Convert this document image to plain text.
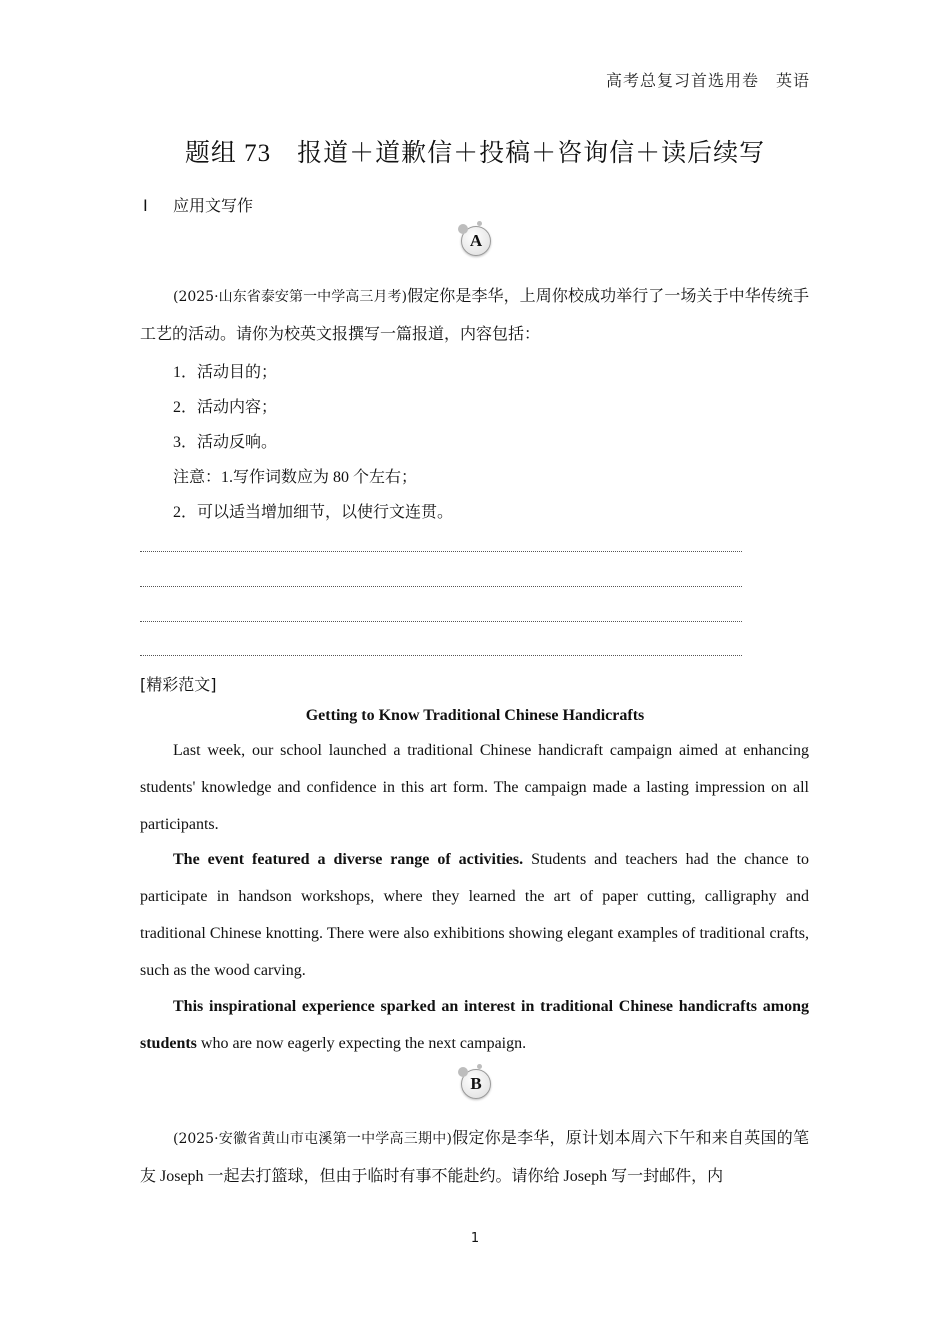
高考总复习首选用卷　英语
题组 73　报道＋道歉信＋投稿＋咨询信＋读后续写
Ⅰ 应用文写作
A
(2025·山东省泰安第一中学高三月考)假定你是李华，上周你校成功举行了一场关于中华传统手工艺的活动。请你为校英文报撰写一篇报道，内容包括：
1．活动目的；
2．活动内容；
3．活动反响。
注意：1.写作词数应为 80 个左右；
2．可以适当增加细节，以使行文连贯。
[精彩范文]
Getting to Know Traditional Chinese Handicrafts
Last week, our school launched a traditional Chinese handicraft campaign aimed at enhancing students' knowledge and confidence in this art form. The campaign made a lasting impression on all participants.
The event featured a diverse range of activities. Students and teachers had the chance to participate in handson workshops, where they learned the art of paper cutting, calligraphy and traditional Chinese knotting. There were also exhibitions showing elegant examples of traditional crafts, such as the wood carving.
This inspirational experience sparked an interest in traditional Chinese handicrafts among students who are now eagerly expecting the next campaign.
B
(2025·安徽省黄山市屯溪第一中学高三期中)假定你是李华，原计划本周六下午和来自英国的笔友 Joseph 一起去打篮球，但由于临时有事不能赴约。请你给 Joseph 写一封邮件，内
1
